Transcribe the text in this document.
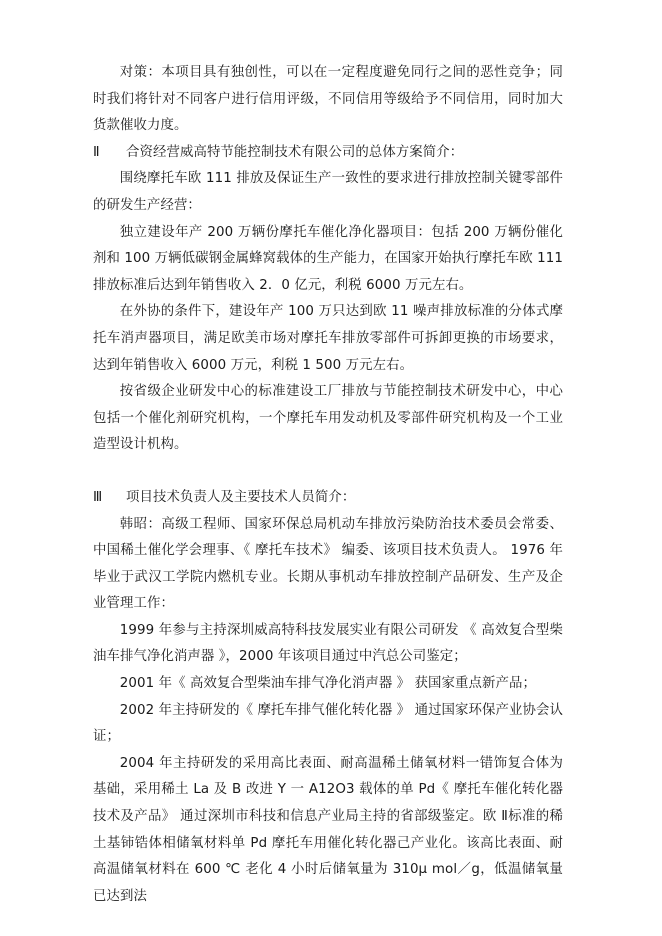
对策：本项目具有独创性，可以在一定程度避免同行之间的恶性竞争；同时我们将针对不同客户进行信用评级，不同信用等级给予不同信用，同时加大货款催收力度。

Ⅱ 合资经营威高特节能控制技术有限公司的总体方案简介：

围绕摩托车欧 111 排放及保证生产一致性的要求进行排放控制关键零部件的研发生产经营：

独立建设年产 200 万辆份摩托车催化净化器项目：包括 200 万辆份催化剂和 100 万辆低碳钢金属蜂窝载体的生产能力，在国家开始执行摩托车欧 111 排放标准后达到年销售收入 2．0 亿元，利税 6000 万元左右。

在外协的条件下，建设年产 100 万只达到欧 11 噪声排放标准的分体式摩托车消声器项目，满足欧美市场对摩托车排放零部件可拆卸更换的市场要求，达到年销售收入 6000 万元，利税 1 500 万元左右。

按省级企业研发中心的标准建设工厂排放与节能控制技术研发中心，中心包括一个催化剂研究机构，一个摩托车用发动机及零部件研究机构及一个工业造型设计机构。

Ⅲ 项目技术负责人及主要技术人员简介：

韩昭：高级工程师、国家环保总局机动车排放污染防治技术委员会常委、中国稀土催化学会理事、《 摩托车技术》 编委、该项目技术负责人。 1976 年毕业于武汉工学院内燃机专业。长期从事机动车排放控制产品研发、生产及企业管理工作：

1999 年参与主持深圳威高特科技发展实业有限公司研发 《 高效复合型柴油车排气净化消声器 》，2000 年该项目通过中汽总公司鉴定；

2001 年《 高效复合型柴油车排气净化消声器 》 获国家重点新产品；

2002 年主持研发的《 摩托车排气催化转化器 》 通过国家环保产业协会认证；

2004 年主持研发的采用高比表面、耐高温稀土储氧材料一错饰复合体为基础，采用稀土 La 及 B 改进 Y 一 A12O3 载体的单 Pd《 摩托车催化转化器技术及产品》 通过深圳市科技和信息产业局主持的省部级鉴定。欧 Ⅱ标准的稀土基铈锆体相储氧材料单 Pd 摩托车用催化转化器己产业化。该高比表面、耐高温储氧材料在 600 ℃ 老化 4 小时后储氧量为 310μ mol／g，低温储氧量已达到法
